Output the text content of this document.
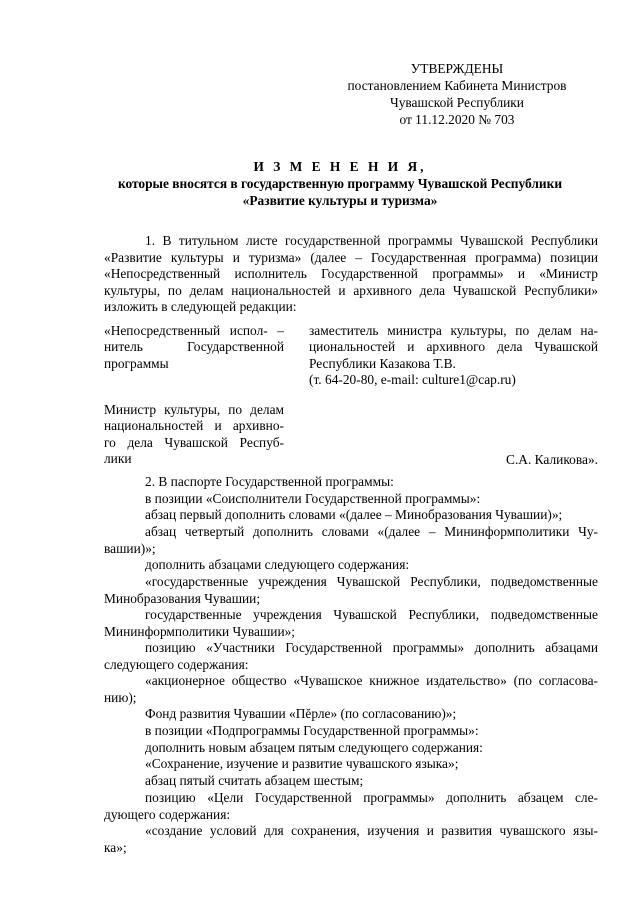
УТВЕРЖДЕНЫ
постановлением Кабинета Министров
Чувашской Республики
от 11.12.2020 № 703
И З М Е Н Е Н И Я,
которые вносятся в государственную программу Чувашской Республики
«Развитие культуры и туризма»
1. В титульном листе государственной программы Чувашской Республики
«Развитие культуры и туризма» (далее – Государственная программа) позиции
«Непосредственный исполнитель Государственной программы» и «Министр
культуры, по делам национальностей и архивного дела Чувашской Республики»
изложить в следующей редакции:
«Непосредственный испол- –
нитель Государственной
программы
заместитель министра культуры, по делам на-
циональностей и архивного дела Чувашской
Республики Казакова Т.В.
(т. 64-20-80, e-mail: culture1@cap.ru)
Министр культуры, по делам
национальностей и архивно-
го дела Чувашской Респуб-
лики	С.А. Каликова».
2. В паспорте Государственной программы:
в позиции «Соисполнители Государственной программы»:
абзац первый дополнить словами «(далее – Минобразования Чувашии)»;
абзац четвертый дополнить словами «(далее – Мининформполитики Чу-
вашии)»;
дополнить абзацами следующего содержания:
«государственные учреждения Чувашской Республики, подведомственные
Минобразования Чувашии;
государственные учреждения Чувашской Республики, подведомственные
Мининформполитики Чувашии»;
позицию «Участники Государственной программы» дополнить абзацами
следующего содержания:
«акционерное общество «Чувашское книжное издательство» (по согласова-
нию);
Фонд развития Чувашии «Пĕрле» (по согласованию)»;
в позиции «Подпрограммы Государственной программы»:
дополнить новым абзацем пятым следующего содержания:
«Сохранение, изучение и развитие чувашского языка»;
абзац пятый считать абзацем шестым;
позицию «Цели Государственной программы» дополнить абзацем сле-
дующего содержания:
«создание условий для сохранения, изучения и развития чувашского язы-
ка»;
